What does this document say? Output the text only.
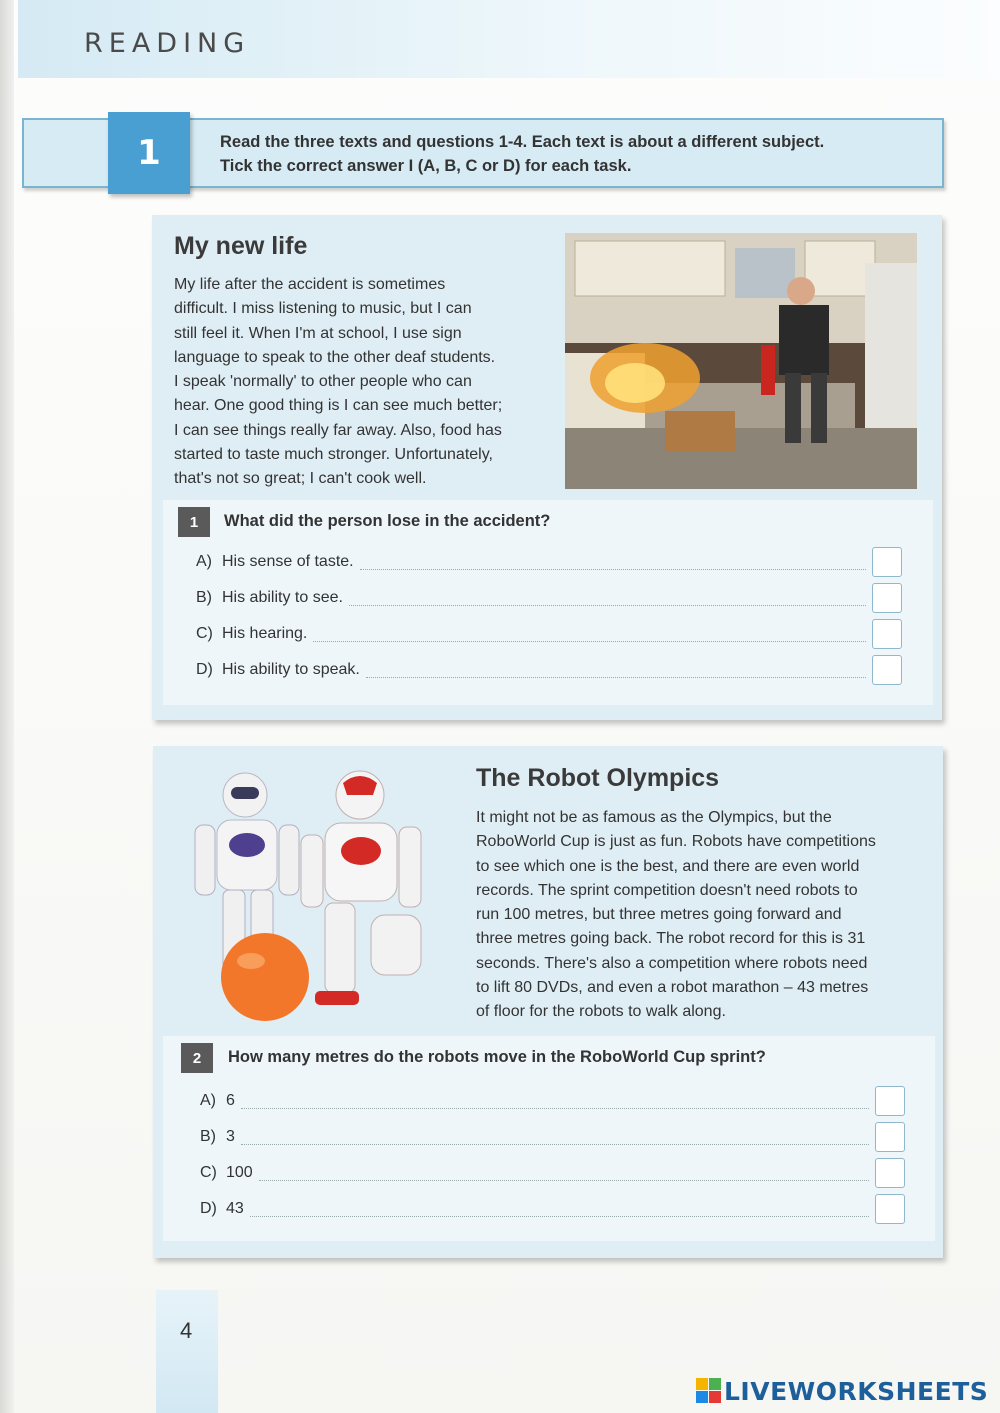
READING
1	Read the three texts and questions 1-4. Each text is about a different subject.
Tick the correct answer I (A, B, C or D) for each task.
My new life
My life after the accident is sometimes
difficult. I miss listening to music, but I can
still feel it. When I'm at school, I use sign
language to speak to the other deaf students.
I speak 'normally' to other people who can
hear. One good thing is I can see much better;
I can see things really far away. Also, food has
started to taste much stronger. Unfortunately,
that's not so great; I can't cook well.
1	What did the person lose in the accident?
A) His sense of taste.
B) His ability to see.
C) His hearing.
D) His ability to speak.
The Robot Olympics
It might not be as famous as the Olympics, but the
RoboWorld Cup is just as fun. Robots have competitions
to see which one is the best, and there are even world
records. The sprint competition doesn't need robots to
run 100 metres, but three metres going forward and
three metres going back. The robot record for this is 31
seconds. There's also a competition where robots need
to lift 80 DVDs, and even a robot marathon – 43 metres
of floor for the robots to walk along.
2	How many metres do the robots move in the RoboWorld Cup sprint?
A) 6
B) 3
C) 100
D) 43
4
LIVEWORKSHEETS
